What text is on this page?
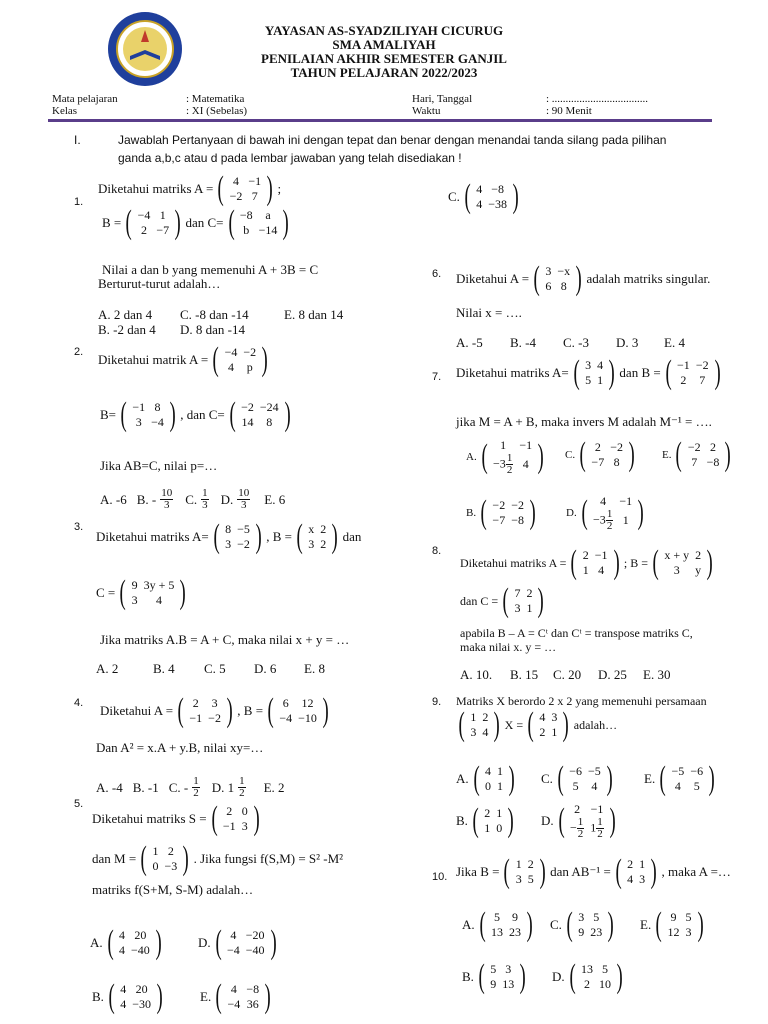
YAYASAN AS-SYADZILIYAH CICURUG
SMA AMALIYAH
PENILAIAN AKHIR SEMESTER GANJIL
TAHUN PELAJARAN 2022/2023
Mata pelajaran	: Matematika
Kelas	: XI (Sebelas)
Hari, Tanggal	: ...................................
Waktu	: 90 Menit
I.	Jawablah Pertanyaan di bawah ini dengan tepat dan benar dengan menandai tanda silang pada pilihan
ganda a,b,c atau d pada lembar jawaban yang telah disediakan !
1.
Diketahui matriks A = ( 4	−1
−2	7 ) ;
B = ( −4	1
2	−7 ) dan C= ( −8	a
b	−14 )
Nilai a dan b yang memenuhi A + 3B = C
Berturut-turut adalah…
A. 2 dan 4 C. -8 dan -14	E. 8 dan 14
B. -2 dan 4 D. 8 dan -14
2. Diketahui matrik A = ( −4	−2
4	p )
B= ( −1	8
3	−4 ) , dan C= ( −2	−24
14	8 )
Jika AB=C, nilai p=…
A. -6 B. - $\frac{10}{3} C$. $\frac{1}{3} D$. $\frac{10}{3} E$. 6
3.
Diketahui matriks A= ( 8	−5
3	−2 ) , B = ( x	2
3	2 ) dan
C = ( 9	3y + 5
3	4 )
Jika matriks A.B = A + C, maka nilai x + y = …
A. 2	B. 4 C. 5 D. 6 E. 8
4. Diketahui A = ( 2	3
−1	−2 ) , B = ( 6	12
−4	−10 )
Dan A² = x.A + y.B, nilai xy=…
A. -4 B. -1 C. - $\frac{1}{2} D$. $1 \frac{1}{2} E$. 2
5.
Diketahui matriks S = ( 2	0
−1	3 )
dan M = ( 1	2
0	−3 ) . Jika fungsi f(S,M) = S² -M²
matriks f(S+M, S-M) adalah…
A. ( 4	20
4	−40 )	D. ( 4	−20
−4	−40 )
B. ( 4	20
4	−30 )	E. ( 4	−8
−4	36 )
C. ( 4	−8
4	−38 )
6. Diketahui A = ( 3	−x
6	8 ) adalah matriks singular.
Nilai x = ….
A. -5 B. -4 C. -3 D. 3 E. 4
7. Diketahui matriks A= ( 3	4
5	1 ) dan B = ( −1	−2
2	7 )
jika M = A + B, maka invers M adalah M⁻¹ = ….
A. ( 1	−1
$-3 \frac{1}{2}$	4 ) C. ( 2	−2
−7	8 ) E. ( −2	2
7	−8 )
B. ( −2	−2
−7	−8 )	D. ( 4	−1
$-3 \frac{1}{2}$	1 )
8.
Diketahui matriks A = ( 2	−1
1	4 ) ; B = ( x + y	2
3	y )
dan C = ( 7	2
3	1 )
apabila B – A = Cᵗ dan Cᵗ = transpose matriks C,
maka nilai x. y = …
A. 10. B. 15 C. 20 D. 25 E. 30
9. Matriks X berordo 2 x 2 yang memenuhi persamaan
( 1	2
3	4 ) X = ( 4	3
2	1 ) adalah…
A. ( 4	1
0	1 ) C. ( −6	−5
5	4 ) E. ( −5	−6
4	5 )
B. ( 2	1
1	0 ) D. ( 2	−1
− $\frac{1}{2}$	$1 \frac{1}{2}$ )
10. Jika B = ( 1	2
3	5 ) dan AB⁻¹ = ( 2	1
4	3 ) , maka A =…
A. ( 5	9
13	23 ) C. ( 3	5
9	23 ) E. ( 9	5
12	3 )
B. ( 5	3
9	13 ) D. ( 13	5
2	10 )
